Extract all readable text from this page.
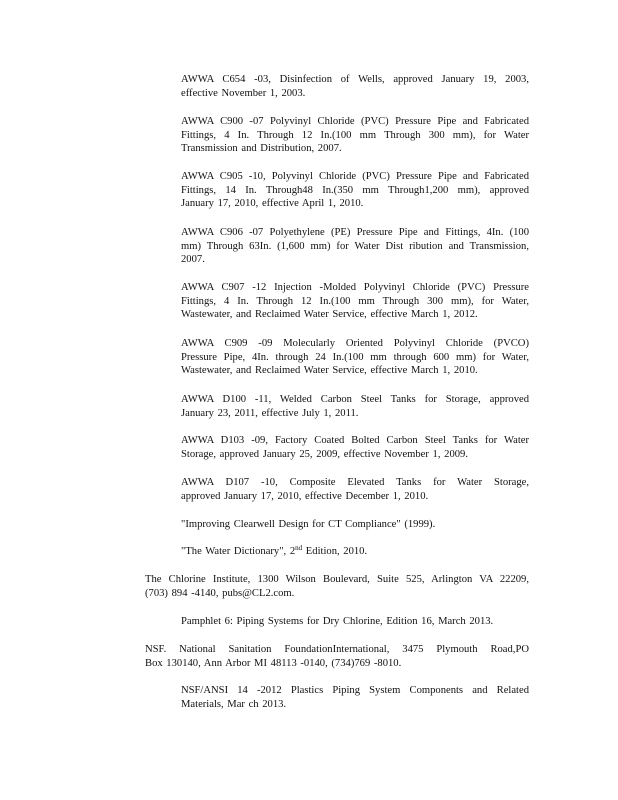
AWWA C654 -03, Disinfection of Wells, approved January 19, 2003,
effective November 1, 2003.
AWWA C900 -07 Polyvinyl Chloride (PVC) Pressure Pipe and Fabricated
Fittings, 4 In. Through 12 In.(100 mm Through 300 mm), for Water
Transmission and Distribution, 2007.
AWWA C905 -10, Polyvinyl Chloride (PVC) Pressure Pipe and Fabricated
Fittings, 14 In. Through48 In.(350 mm Through1,200 mm), approved
January 17, 2010, effective April 1, 2010.
AWWA C906 -07 Polyethylene (PE) Pressure Pipe and Fittings, 4In. (100
mm) Through 63In. (1,600 mm) for Water Dist ribution and Transmission,
2007.
AWWA C907 -12 Injection -Molded Polyvinyl Chloride (PVC) Pressure
Fittings, 4 In. Through 12 In.(100 mm Through 300 mm), for Water,
Wastewater, and Reclaimed Water Service, effective March 1, 2012.
AWWA C909 -09 Molecularly Oriented Polyvinyl Chloride (PVCO)
Pressure Pipe, 4In. through 24 In.(100 mm through 600 mm) for Water,
Wastewater, and Reclaimed Water Service, effective March 1, 2010.
AWWA D100 -11, Welded Carbon Steel Tanks for Storage, approved
January 23, 2011, effective July 1, 2011.
AWWA D103 -09, Factory Coated Bolted Carbon Steel Tanks for Water
Storage, approved January 25, 2009, effective November 1, 2009.
AWWA D107 -10, Composite Elevated Tanks for Water Storage,
approved January 17, 2010, effective December 1, 2010.
"Improving Clearwell Design for CT Compliance" (1999).
"The Water Dictionary", 2nd Edition, 2010.
The Chlorine Institute, 1300 Wilson Boulevard, Suite 525, Arlington VA 22209,
(703) 894 -4140, pubs@CL2.com.
Pamphlet 6: Piping Systems for Dry Chlorine, Edition 16, March 2013.
NSF. National Sanitation FoundationInternational, 3475 Plymouth Road,PO
Box 130140, Ann Arbor MI 48113 -0140, (734)769 -8010.
NSF/ANSI 14 -2012 Plastics Piping System Components and Related
Materials, Mar ch 2013.
